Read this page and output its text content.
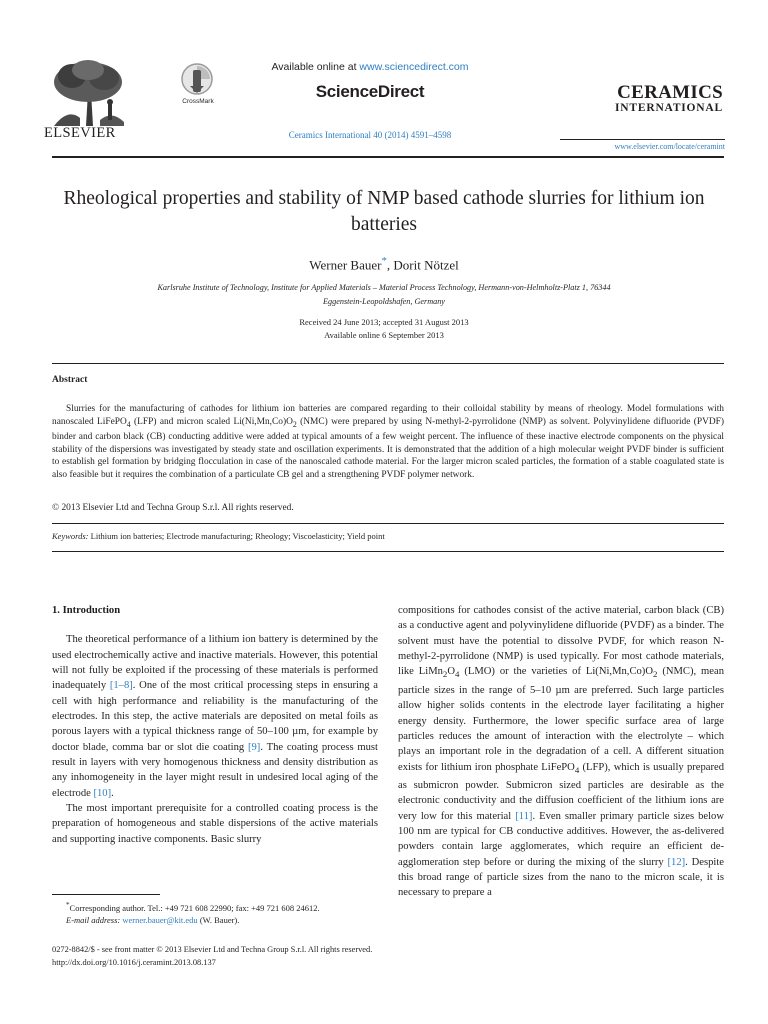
ELSEVIER
CrossMark
Available online at www.sciencedirect.com
ScienceDirect
Ceramics International 40 (2014) 4591–4598
CERAMICS
INTERNATIONAL
www.elsevier.com/locate/ceramint
Rheological properties and stability of NMP based cathode slurries for lithium ion batteries
Werner Bauer*, Dorit Nötzel
Karlsruhe Institute of Technology, Institute for Applied Materials – Material Process Technology, Hermann-von-Helmholtz-Platz 1, 76344 Eggenstein-Leopoldshafen, Germany
Received 24 June 2013; accepted 31 August 2013
Available online 6 September 2013
Abstract

Slurries for the manufacturing of cathodes for lithium ion batteries are compared regarding to their colloidal stability by means of rheology. Model formulations with nanoscaled LiFePO$_4$ (LFP) and micron scaled $Li(Ni,Mn,Co)O_2$ (NMC) were prepared by using N-methyl-2-pyrrolidone (NMP) as solvent. Polyvinylidene difluoride (PVDF) binder and carbon black (CB) conducting additive were added at typical amounts of a few weight percent. The influence of these inactive electrode components on the physical stability of the dispersions was investigated by steady state and oscillation experiments. It is demonstrated that the addition of a high molecular weight PVDF binder is sufficient to establish gel formation by bridging flocculation in case of the nanoscaled cathode material. For the larger micron scaled particles, the formation of a stable coagulated state is also feasible but it requires the combination of a particulate CB gel and a strengthening PVDF polymer network.

© 2013 Elsevier Ltd and Techna Group S.r.l. All rights reserved.
Keywords: Lithium ion batteries; Electrode manufacturing; Rheology; Viscoelasticity; Yield point

1. Introduction

The theoretical performance of a lithium ion battery is determined by the used electrochemically active and inactive materials. However, this potential will not fully be exploited if the processing of these materials is performed inadequately [1–8]. One of the most critical processing steps in ensuring a cell with high performance and reliability is the manufacturing of the electrodes. In this step, the active materials are deposited on metal foils as porous layers with a typical thickness range of 50–100 µm, for example by doctor blade, comma bar or slot die coating [9]. The coating process must result in layers with very homogenous thickness and density distribution as any inhomogeneity in the layer might result in undesired local aging of the electrode [10].

The most important prerequisite for a controlled coating process is the preparation of homogeneous and stable dispersions of the active materials and supporting inactive components. Basic slurry

compositions for cathodes consist of the active material, carbon black (CB) as a conductive agent and polyvinylidene difluoride (PVDF) as a binder. The solvent must have the potential to dissolve PVDF, for which reason N-methyl-2-pyrrolidone (NMP) is used typically. For most cathode materials, like $LiMn_2O_4$ (LMO) or the varieties of $Li(Ni,Mn,Co)O_2$ (NMC), mean particle sizes in the range of 5–10 µm are preferred. Such large particles allow higher solids contents in the electrode layer facilitating a higher energy density. Furthermore, the lower specific surface area of large particles reduces the amount of interaction with the electrolyte – which plays an important role in the degradation of a cell. A different situation exists for lithium iron phosphate LiFePO$_4$ (LFP), which is usually prepared as submicron powder. Submicron sized particles are desirable as the electronic conductivity and the diffusion coefficient of the lithium ions are very low for this material [11]. Even smaller primary particle sizes below 100 nm are typical for CB conductive additives. However, the as-delivered powders contain large agglomerates, which require an efficient de-agglomeration step before or during the mixing of the slurry [12]. Despite this broad range of particle sizes from the nano to the micron scale, it is necessary to prepare a

*Corresponding author. Tel.: +49 721 608 22990; fax: +49 721 608 24612.
E-mail address: werner.bauer@kit.edu (W. Bauer).
0272-8842/$ - see front matter © 2013 Elsevier Ltd and Techna Group S.r.l. All rights reserved.
http://dx.doi.org/10.1016/j.ceramint.2013.08.137
